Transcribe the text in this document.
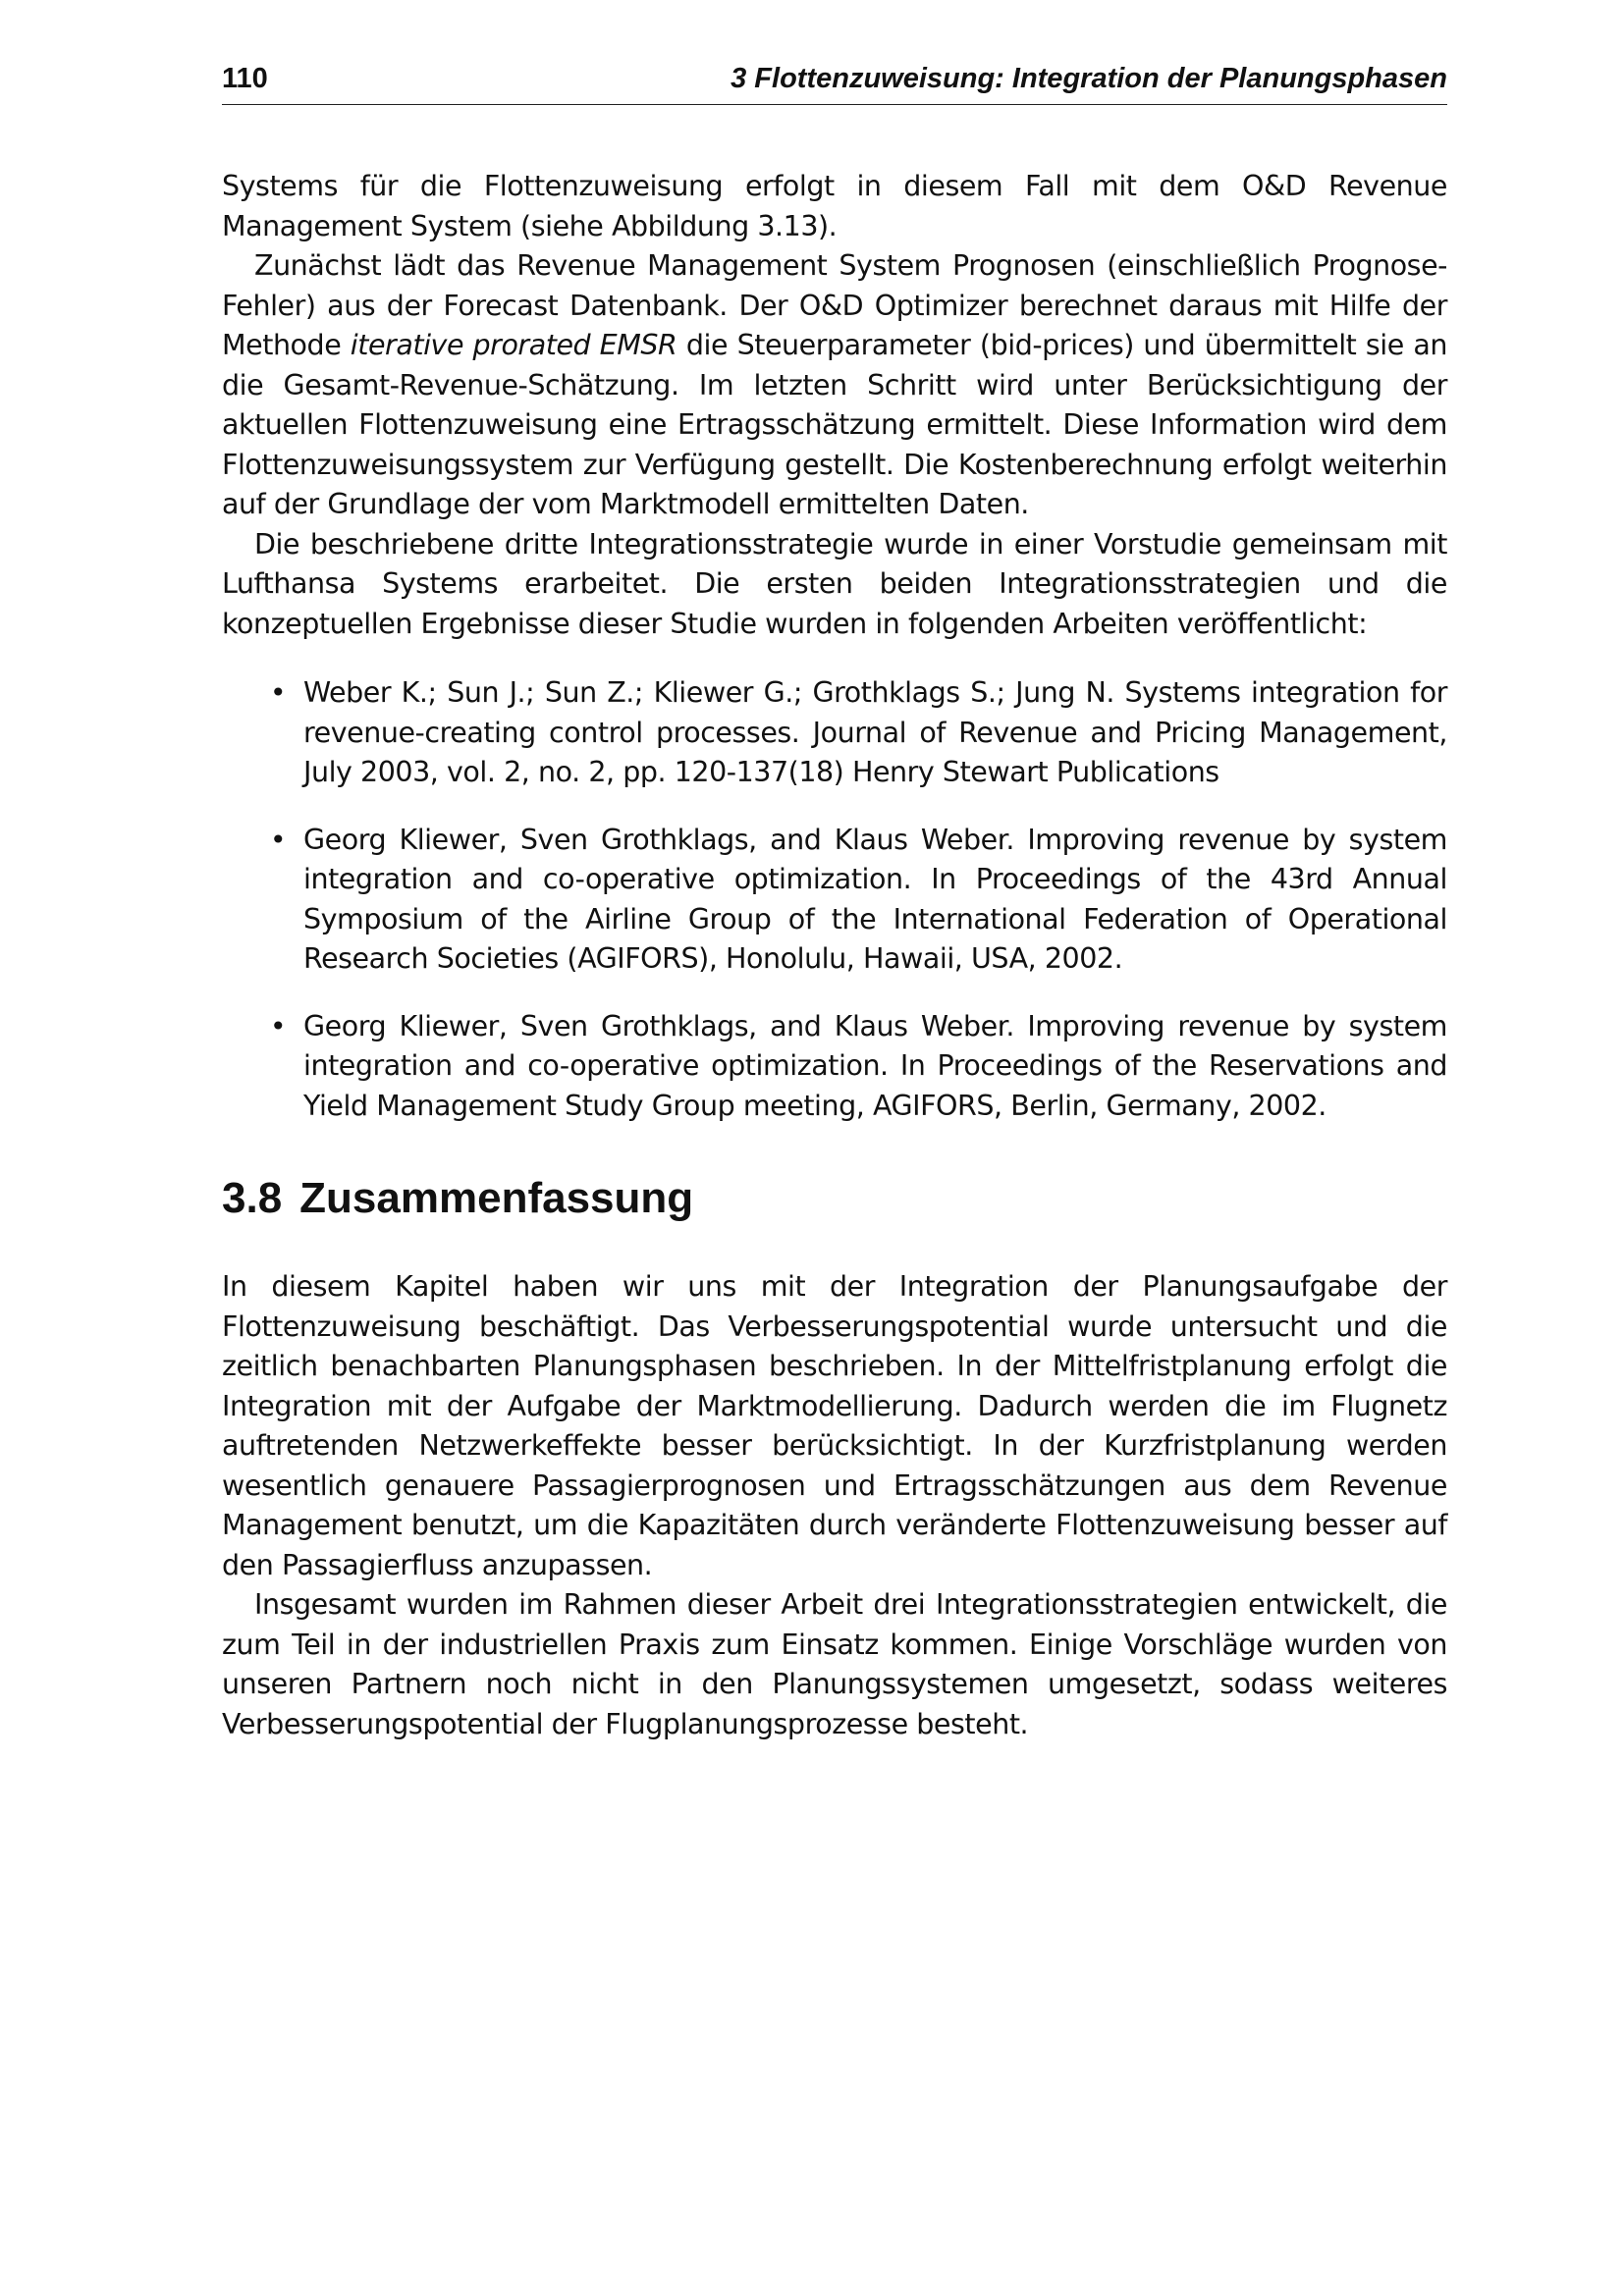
110	3 Flottenzuweisung: Integration der Planungsphasen

Systems für die Flottenzuweisung erfolgt in diesem Fall mit dem O&D Revenue Management System (siehe Abbildung 3.13).

Zunächst lädt das Revenue Management System Prognosen (einschließlich Prognose-Fehler) aus der Forecast Datenbank. Der O&D Optimizer berechnet daraus mit Hilfe der Methode iterative prorated EMSR die Steuerparameter (bid-prices) und übermittelt sie an die Gesamt-Revenue-Schätzung. Im letzten Schritt wird unter Berücksichtigung der aktuellen Flottenzuweisung eine Ertragsschätzung ermittelt. Diese Information wird dem Flottenzuweisungssystem zur Verfügung gestellt. Die Kostenberechnung erfolgt weiterhin auf der Grundlage der vom Marktmodell ermittelten Daten.

Die beschriebene dritte Integrationsstrategie wurde in einer Vorstudie gemeinsam mit Lufthansa Systems erarbeitet. Die ersten beiden Integrationsstrategien und die konzeptuellen Ergebnisse dieser Studie wurden in folgenden Arbeiten veröffentlicht:

• Weber K.; Sun J.; Sun Z.; Kliewer G.; Grothklags S.; Jung N. Systems integration for revenue-creating control processes. Journal of Revenue and Pricing Management, July 2003, vol. 2, no. 2, pp. 120-137(18) Henry Stewart Publications
• Georg Kliewer, Sven Grothklags, and Klaus Weber. Improving revenue by system integration and co-operative optimization. In Proceedings of the 43rd Annual Symposium of the Airline Group of the International Federation of Operational Research Societies (AGIFORS), Honolulu, Hawaii, USA, 2002.
• Georg Kliewer, Sven Grothklags, and Klaus Weber. Improving revenue by system integration and co-operative optimization. In Proceedings of the Reservations and Yield Management Study Group meeting, AGIFORS, Berlin, Germany, 2002.
3.8 Zusammenfassung

In diesem Kapitel haben wir uns mit der Integration der Planungsaufgabe der Flottenzuweisung beschäftigt. Das Verbesserungspotential wurde untersucht und die zeitlich benachbarten Planungsphasen beschrieben. In der Mittelfristplanung erfolgt die Integration mit der Aufgabe der Marktmodellierung. Dadurch werden die im Flugnetz auftretenden Netzwerkeffekte besser berücksichtigt. In der Kurzfristplanung werden wesentlich genauere Passagierprognosen und Ertragsschätzungen aus dem Revenue Management benutzt, um die Kapazitäten durch veränderte Flottenzuweisung besser auf den Passagierfluss anzupassen.

Insgesamt wurden im Rahmen dieser Arbeit drei Integrationsstrategien entwickelt, die zum Teil in der industriellen Praxis zum Einsatz kommen. Einige Vorschläge wurden von unseren Partnern noch nicht in den Planungssystemen umgesetzt, sodass weiteres Verbesserungspotential der Flugplanungsprozesse besteht.
